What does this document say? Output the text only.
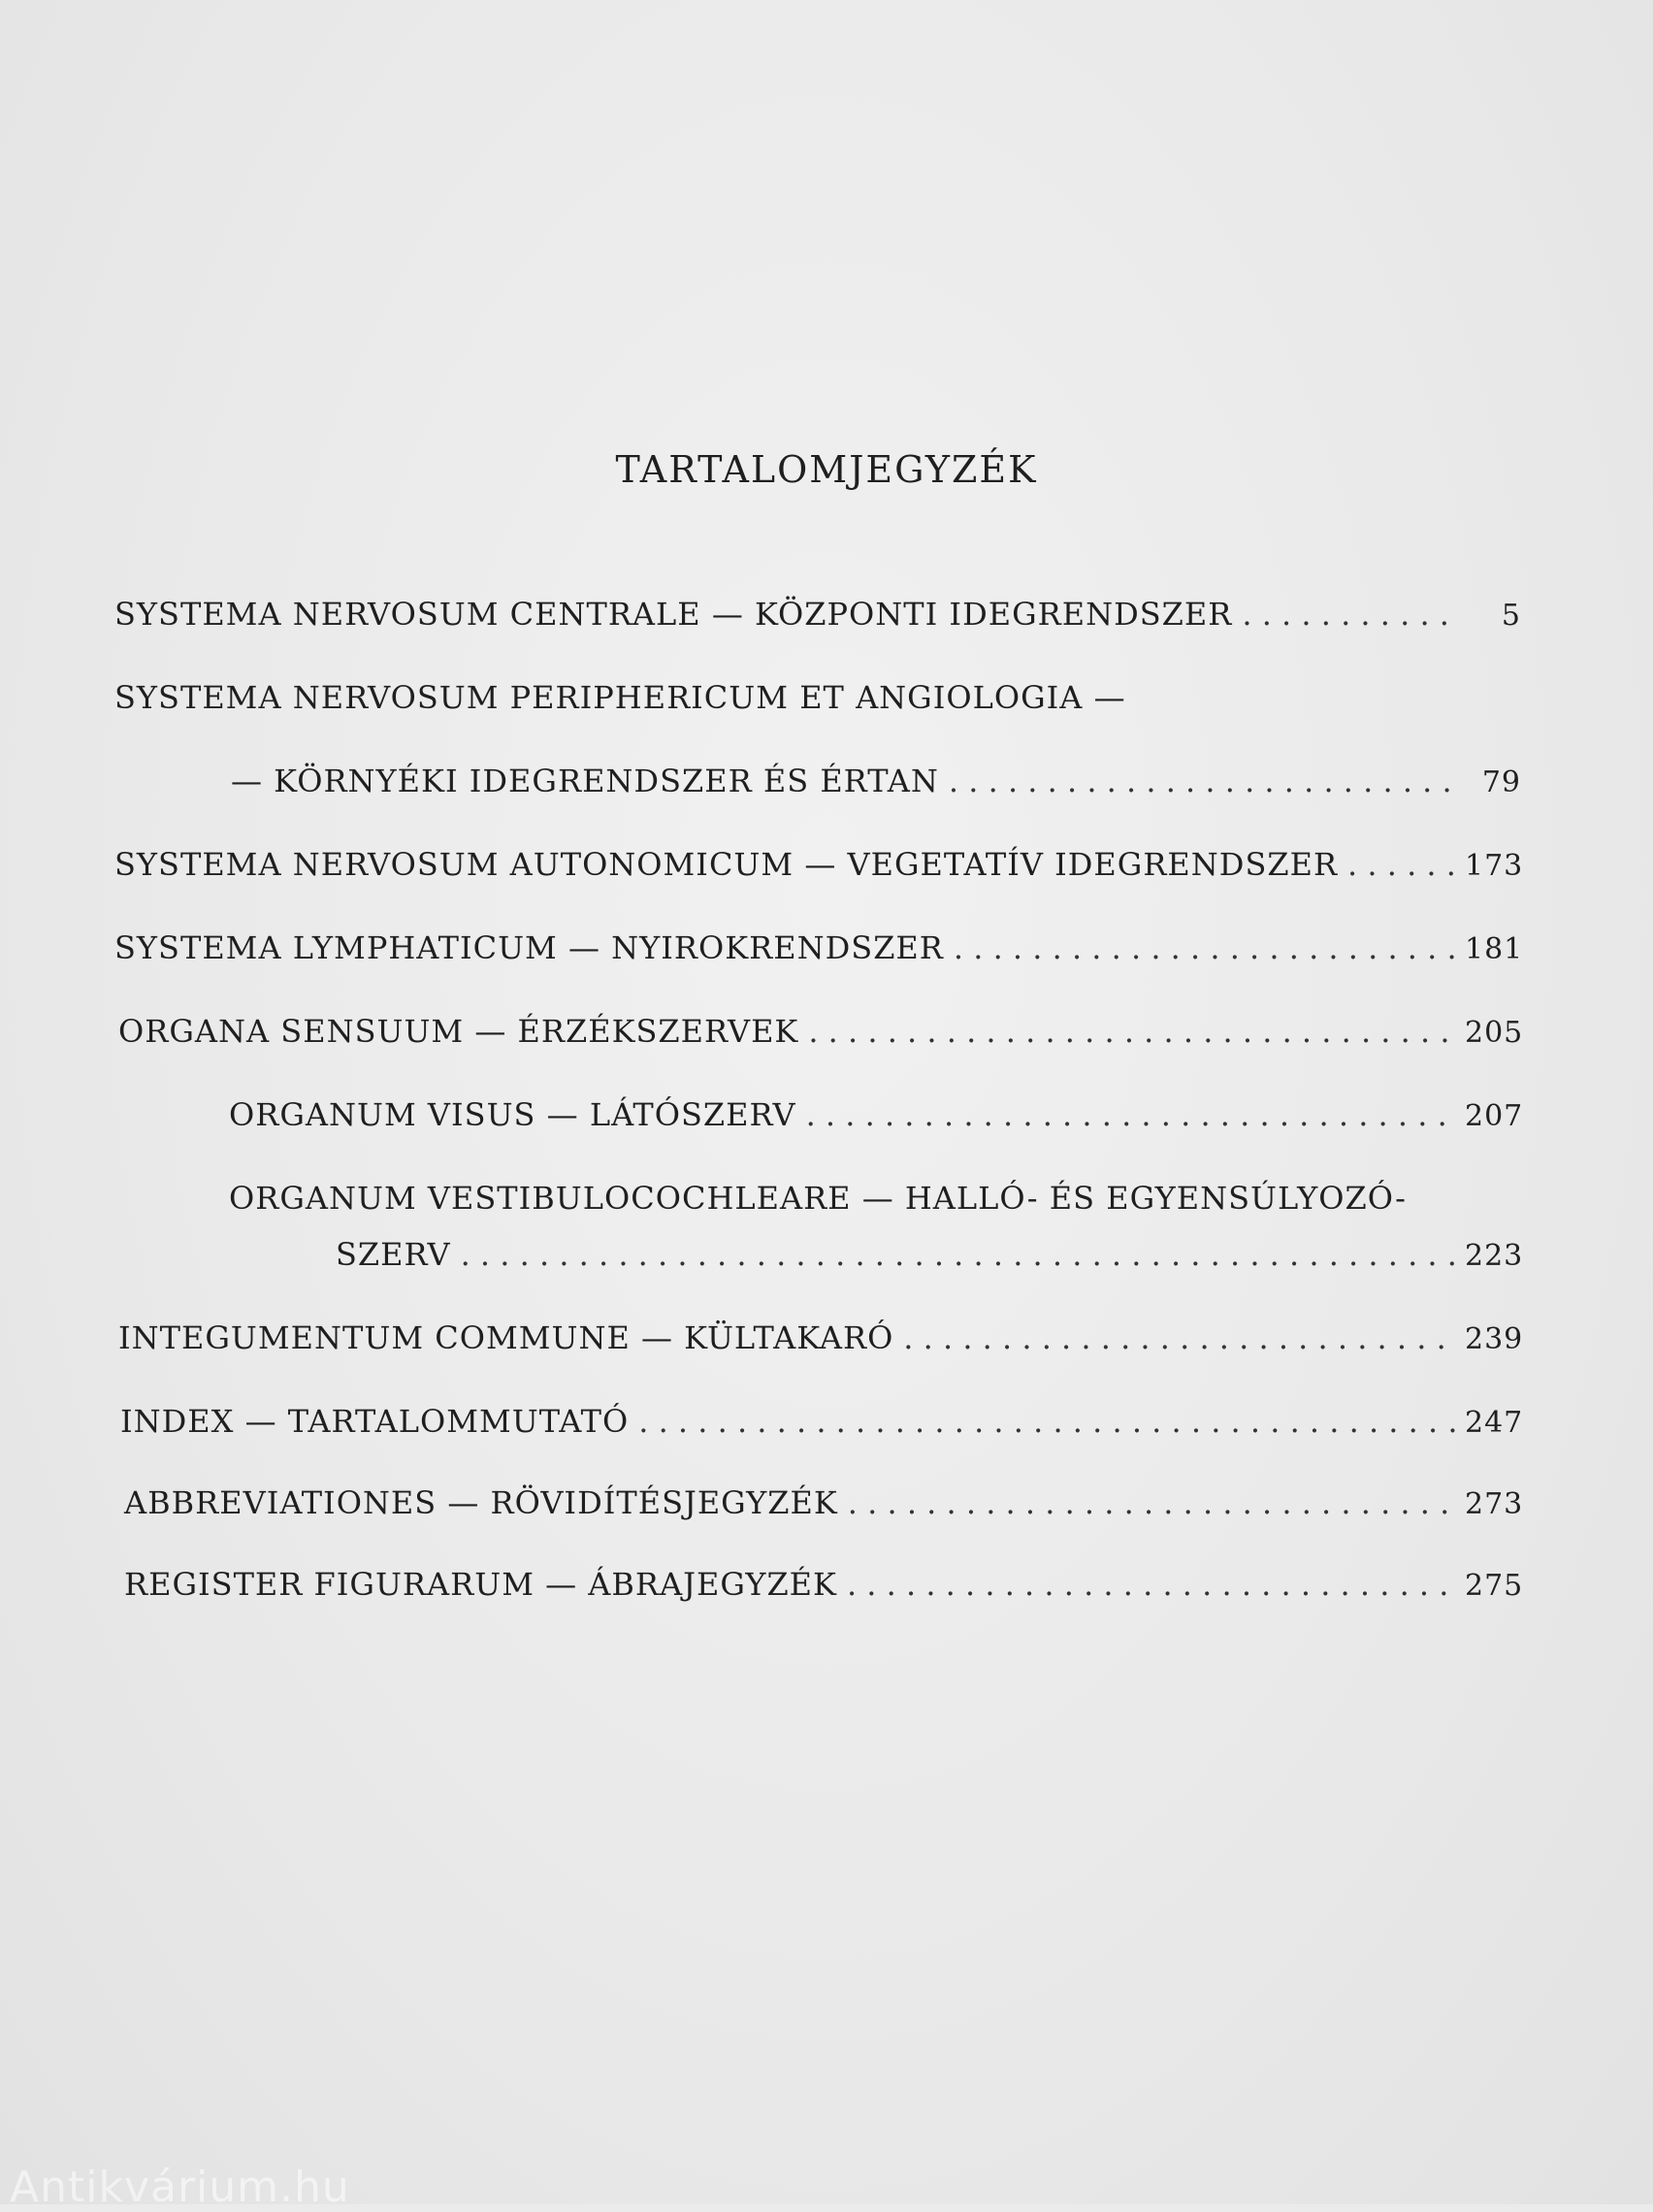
TARTALOMJEGYZÉK
SYSTEMA NERVOSUM CENTRALE — KÖZPONTI IDEGRENDSZER . . .	5
SYSTEMA NERVOSUM PERIPHERICUM ET ANGIOLOGIA —
— KÖRNYÉKI IDEGRENDSZER ÉS ÉRTAN . . .	79
SYSTEMA NERVOSUM AUTONOMICUM — VEGETATÍV IDEGRENDSZER . . .	173
SYSTEMA LYMPHATICUM — NYIROKRENDSZER . . .	181
ORGANA SENSUUM — ÉRZÉKSZERVEK . . .	205
ORGANUM VISUS — LÁTÓSZERV . . .	207
ORGANUM VESTIBULOCOCHLEARE — HALLÓ- ÉS EGYENSÚLYOZÓ-
SZERV . . .	223
INTEGUMENTUM COMMUNE — KÜLTAKARÓ . . .	239
INDEX — TARTALOMMUTATÓ . . .	247
ABBREVIATIONES — RÖVIDÍTÉSJEGYZÉK . . .	273
REGISTER FIGURARUM — ÁBRAJEGYZÉK . . .	275
Antikvárium.hu
